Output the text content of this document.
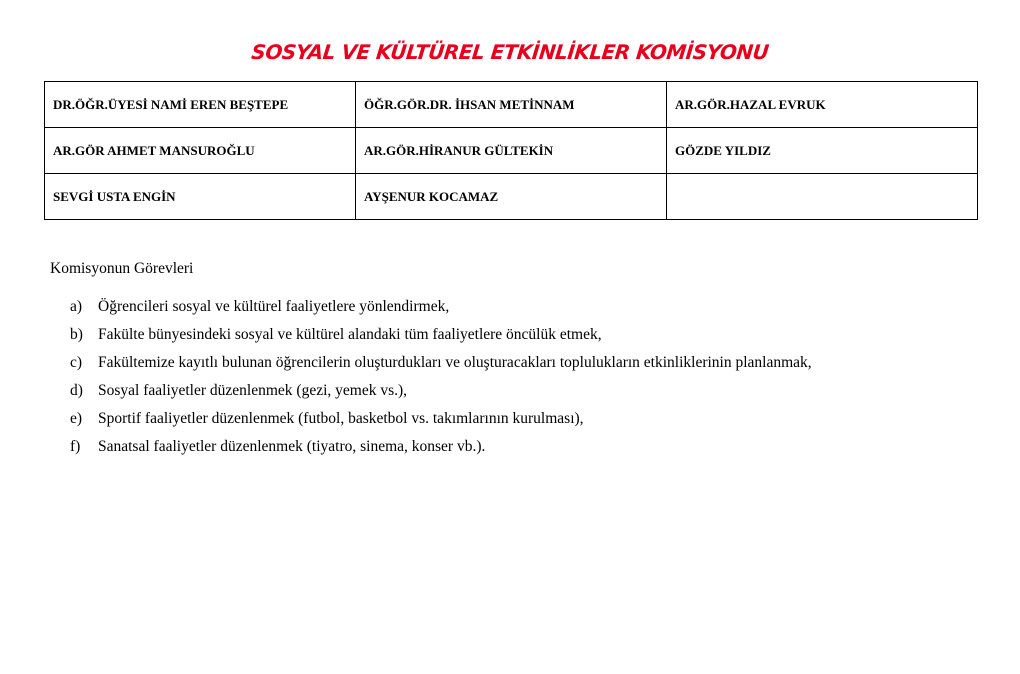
SOSYAL VE KÜLTÜREL ETKİNLİKLER KOMİSYONU
DR.ÖĞR.ÜYESİ NAMİ EREN BEŞTEPE	ÖĞR.GÖR.DR. İHSAN METİNNAM	AR.GÖR.HAZAL EVRUK
AR.GÖR AHMET MANSUROĞLU	AR.GÖR.HİRANUR GÜLTEKİN	GÖZDE YILDIZ
SEVGİ USTA ENGİN	AYŞENUR KOCAMAZ	
Komisyonun Görevleri
a)	Öğrencileri sosyal ve kültürel faaliyetlere yönlendirmek,
b) Fakülte bünyesindeki sosyal ve kültürel alandaki tüm faaliyetlere öncülük etmek,
c)	Fakültemize kayıtlı bulunan öğrencilerin oluşturdukları ve oluşturacakları toplulukların etkinliklerinin planlanmak,
d) Sosyal faaliyetler düzenlenmek (gezi, yemek vs.),
e)	Sportif faaliyetler düzenlenmek (futbol, basketbol vs. takımlarının kurulması),
f)	Sanatsal faaliyetler düzenlenmek (tiyatro, sinema, konser vb.).
